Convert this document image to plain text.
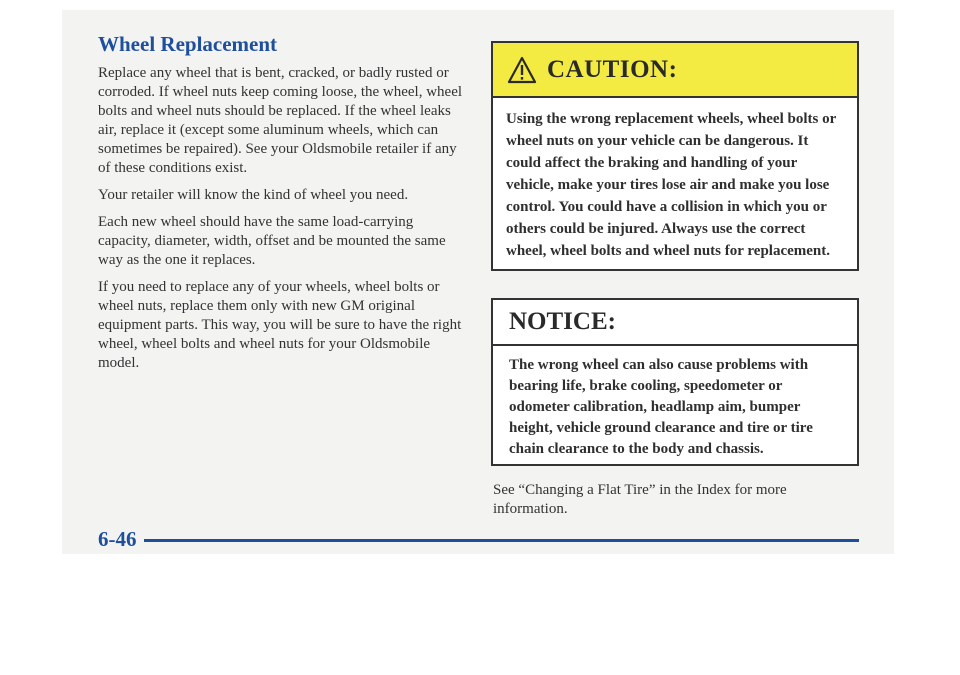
Wheel Replacement

Replace any wheel that is bent, cracked, or badly rusted or corroded. If wheel nuts keep coming loose, the wheel, wheel bolts and wheel nuts should be replaced. If the wheel leaks air, replace it (except some aluminum wheels, which can sometimes be repaired). See your Oldsmobile retailer if any of these conditions exist.

Your retailer will know the kind of wheel you need.

Each new wheel should have the same load-carrying capacity, diameter, width, offset and be mounted the same way as the one it replaces.

If you need to replace any of your wheels, wheel bolts or wheel nuts, replace them only with new GM original equipment parts. This way, you will be sure to have the right wheel, wheel bolts and wheel nuts for your Oldsmobile model.

CAUTION:
Using the wrong replacement wheels, wheel bolts or wheel nuts on your vehicle can be dangerous. It could affect the braking and handling of your vehicle, make your tires lose air and make you lose control. You could have a collision in which you or others could be injured. Always use the correct wheel, wheel bolts and wheel nuts for replacement.
NOTICE:
The wrong wheel can also cause problems with bearing life, brake cooling, speedometer or odometer calibration, headlamp aim, bumper height, vehicle ground clearance and tire or tire chain clearance to the body and chassis.
See “Changing a Flat Tire” in the Index for more information.
6-46
